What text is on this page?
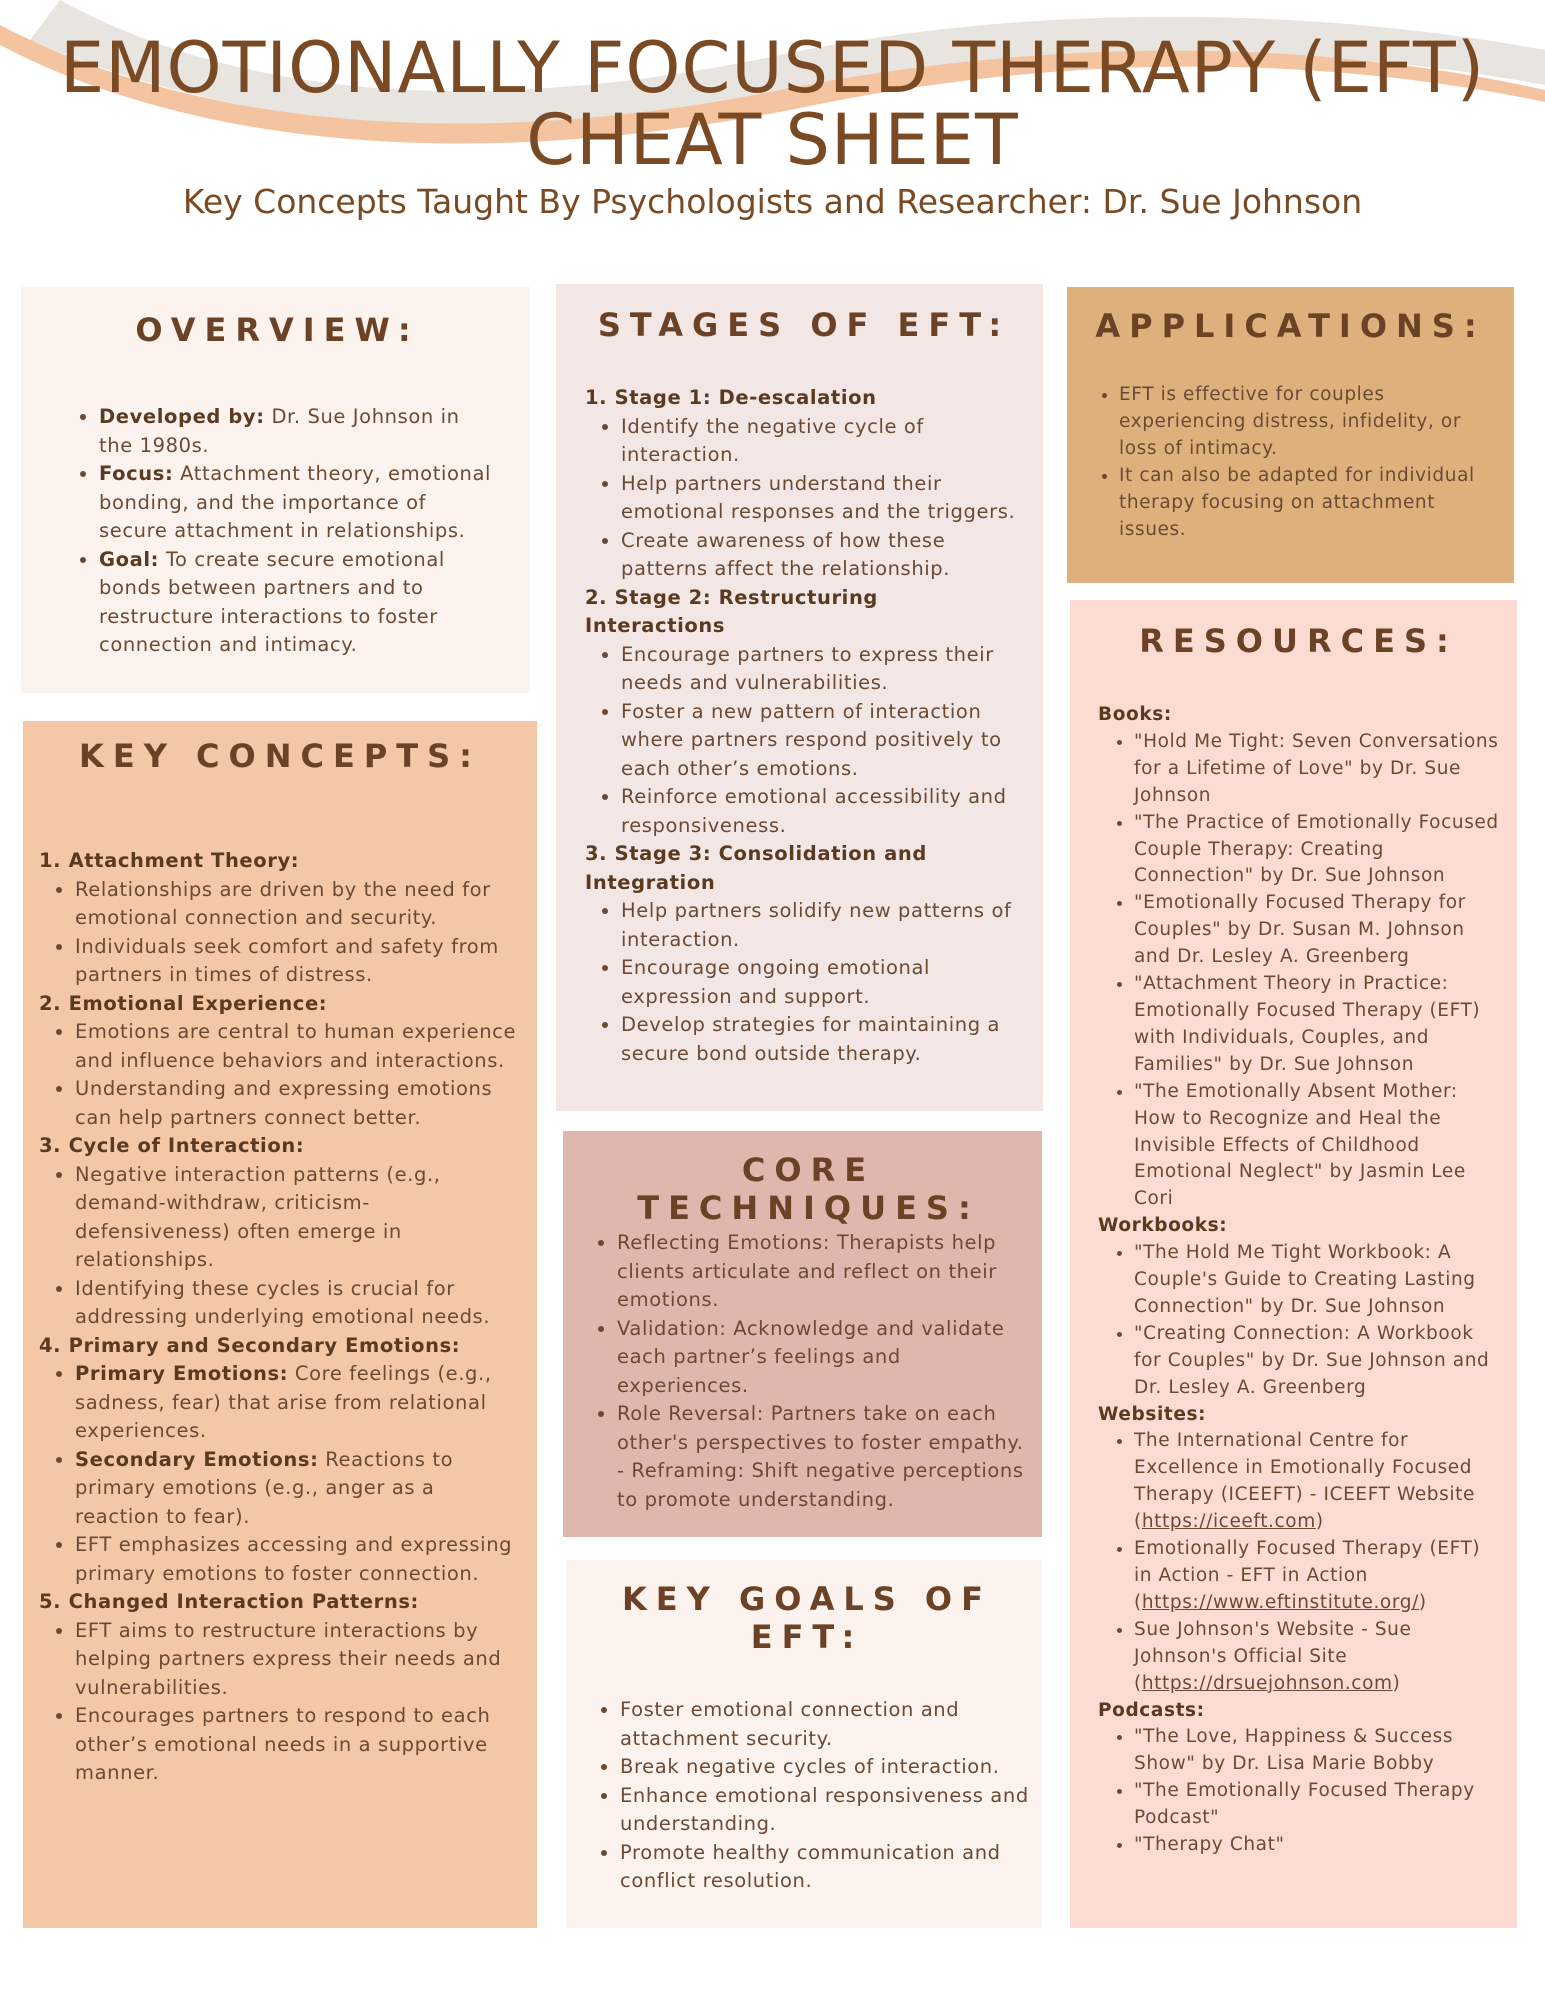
EMOTIONALLY FOCUSED THERAPY (EFT)
CHEAT SHEET
Key Concepts Taught By Psychologists and Researcher: Dr. Sue Johnson
OVERVIEW:
• Developed by: Dr. Sue Johnson in the 1980s.
• Focus: Attachment theory, emotional bonding, and the importance of secure attachment in relationships.
• Goal: To create secure emotional bonds between partners and to restructure interactions to foster connection and intimacy.
KEY CONCEPTS:
1. Attachment Theory:
• Relationships are driven by the need for emotional connection and security.
• Individuals seek comfort and safety from partners in times of distress.
2. Emotional Experience:
• Emotions are central to human experience and influence behaviors and interactions.
• Understanding and expressing emotions can help partners connect better.
3. Cycle of Interaction:
• Negative interaction patterns (e.g., demand-withdraw, criticism-defensiveness) often emerge in relationships.
• Identifying these cycles is crucial for addressing underlying emotional needs.
4. Primary and Secondary Emotions:
• Primary Emotions: Core feelings (e.g., sadness, fear) that arise from relational experiences.
• Secondary Emotions: Reactions to primary emotions (e.g., anger as a reaction to fear).
• EFT emphasizes accessing and expressing primary emotions to foster connection.
5. Changed Interaction Patterns:
• EFT aims to restructure interactions by helping partners express their needs and vulnerabilities.
• Encourages partners to respond to each other’s emotional needs in a supportive manner.
STAGES OF EFT:
1. Stage 1: De-escalation
• Identify the negative cycle of interaction.
• Help partners understand their emotional responses and the triggers.
• Create awareness of how these patterns affect the relationship.
2. Stage 2: Restructuring Interactions
• Encourage partners to express their needs and vulnerabilities.
• Foster a new pattern of interaction where partners respond positively to each other’s emotions.
• Reinforce emotional accessibility and responsiveness.
3. Stage 3: Consolidation and Integration
• Help partners solidify new patterns of interaction.
• Encourage ongoing emotional expression and support.
• Develop strategies for maintaining a secure bond outside therapy.
CORE TECHNIQUES:
• Reflecting Emotions: Therapists help clients articulate and reflect on their emotions.
• Validation: Acknowledge and validate each partner’s feelings and experiences.
• Role Reversal: Partners take on each other's perspectives to foster empathy. - Reframing: Shift negative perceptions to promote understanding.
KEY GOALS OF EFT:
• Foster emotional connection and attachment security.
• Break negative cycles of interaction.
• Enhance emotional responsiveness and understanding.
• Promote healthy communication and conflict resolution.
APPLICATIONS:
• EFT is effective for couples experiencing distress, infidelity, or loss of intimacy.
• It can also be adapted for individual therapy focusing on attachment issues.
RESOURCES:
Books:
• "Hold Me Tight: Seven Conversations for a Lifetime of Love" by Dr. Sue Johnson
• "The Practice of Emotionally Focused Couple Therapy: Creating Connection" by Dr. Sue Johnson
• "Emotionally Focused Therapy for Couples" by Dr. Susan M. Johnson and Dr. Lesley A. Greenberg
• "Attachment Theory in Practice: Emotionally Focused Therapy (EFT) with Individuals, Couples, and Families" by Dr. Sue Johnson
• "The Emotionally Absent Mother: How to Recognize and Heal the Invisible Effects of Childhood Emotional Neglect" by Jasmin Lee Cori
Workbooks:
• "The Hold Me Tight Workbook: A Couple's Guide to Creating Lasting Connection" by Dr. Sue Johnson
• "Creating Connection: A Workbook for Couples" by Dr. Sue Johnson and Dr. Lesley A. Greenberg
Websites:
• The International Centre for Excellence in Emotionally Focused Therapy (ICEEFT) - ICEEFT Website (https://iceeft.com)
• Emotionally Focused Therapy (EFT) in Action - EFT in Action (https://www.eftinstitute.org/)
• Sue Johnson's Website - Sue Johnson's Official Site (https://drsuejohnson.com)
Podcasts:
• "The Love, Happiness & Success Show" by Dr. Lisa Marie Bobby
• "The Emotionally Focused Therapy Podcast"
• "Therapy Chat"
